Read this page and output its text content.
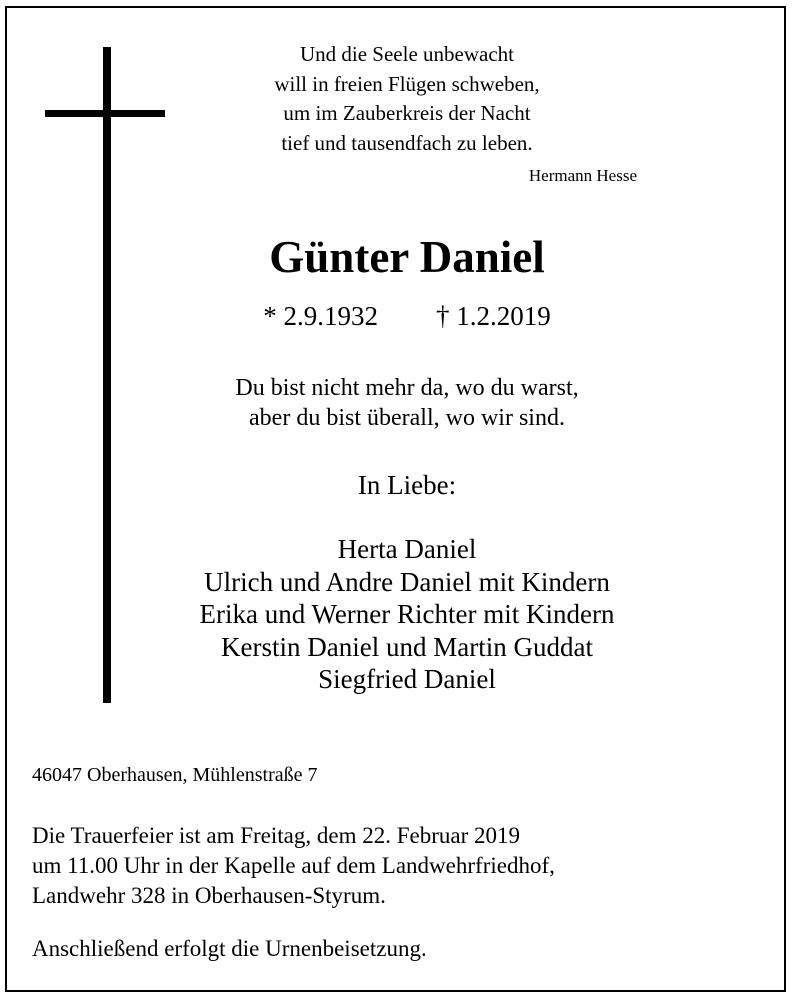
Und die Seele unbewacht
will in freien Flügen schweben,
um im Zauberkreis der Nacht
tief und tausendfach zu leben.
Hermann Hesse
Günter Daniel
* 2.9.1932 † 1.2.2019
Du bist nicht mehr da, wo du warst,
aber du bist überall, wo wir sind.
In Liebe:
Herta Daniel
Ulrich und Andre Daniel mit Kindern
Erika und Werner Richter mit Kindern
Kerstin Daniel und Martin Guddat
Siegfried Daniel
46047 Oberhausen, Mühlenstraße 7
Die Trauerfeier ist am Freitag, dem 22. Februar 2019
um 11.00 Uhr in der Kapelle auf dem Landwehrfriedhof,
Landwehr 328 in Oberhausen-Styrum.
Anschließend erfolgt die Urnenbeisetzung.
